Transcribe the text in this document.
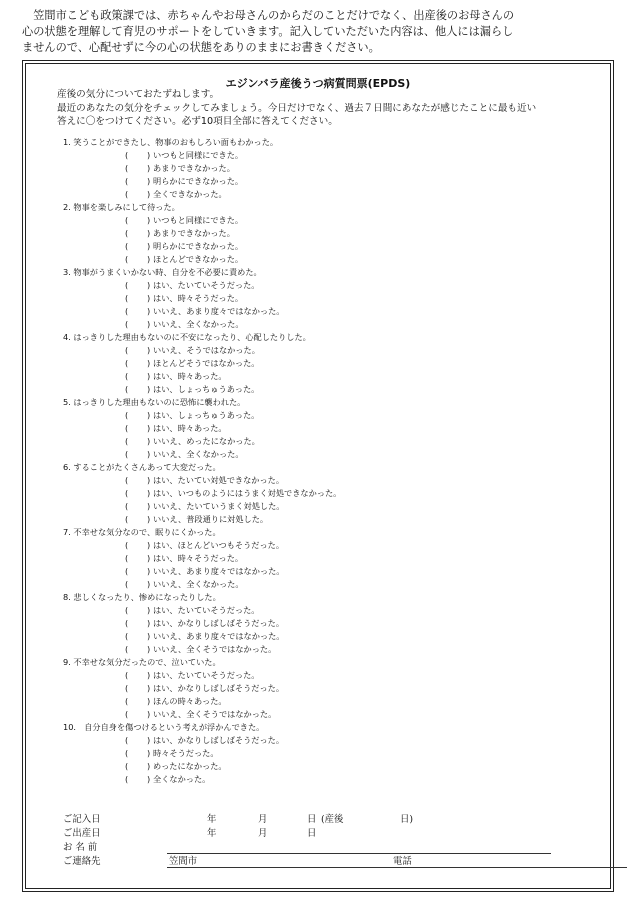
　笠間市こども政策課では、赤ちゃんやお母さんのからだのことだけでなく、出産後のお母さんの
心の状態を理解して育児のサポートをしていきます。記入していただいた内容は、他人には漏らし
ませんので、心配せずに今の心の状態をありのままにお書きください。
エジンバラ産後うつ病質問票(EPDS)
産後の気分についておたずねします。
最近のあなたの気分をチェックしてみましょう。今日だけでなく、過去７日間にあなたが感じたことに最も近い
答えに〇をつけてください。必ず10項目全部に答えてください。
1. 笑うことができたし、物事のおもしろい面もわかった。
(	) いつもと同様にできた。
(	) あまりできなかった。
(	) 明らかにできなかった。
(	) 全くできなかった。
2. 物事を楽しみにして待った。
(	) いつもと同様にできた。
(	) あまりできなかった。
(	) 明らかにできなかった。
(	) ほとんどできなかった。
3. 物事がうまくいかない時、自分を不必要に責めた。
(	) はい、たいていそうだった。
(	) はい、時々そうだった。
(	) いいえ、あまり度々ではなかった。
(	) いいえ、全くなかった。
4. はっきりした理由もないのに不安になったり、心配したりした。
(	) いいえ、そうではなかった。
(	) ほとんどそうではなかった。
(	) はい、時々あった。
(	) はい、しょっちゅうあった。
5. はっきりした理由もないのに恐怖に襲われた。
(	) はい、しょっちゅうあった。
(	) はい、時々あった。
(	) いいえ、めったになかった。
(	) いいえ、全くなかった。
6. することがたくさんあって大変だった。
(	) はい、たいてい対処できなかった。
(	) はい、いつものようにはうまく対処できなかった。
(	) いいえ、たいていうまく対処した。
(	) いいえ、普段通りに対処した。
7. 不幸せな気分なので、眠りにくかった。
(	) はい、ほとんどいつもそうだった。
(	) はい、時々そうだった。
(	) いいえ、あまり度々ではなかった。
(	) いいえ、全くなかった。
8. 悲しくなったり、惨めになったりした。
(	) はい、たいていそうだった。
(	) はい、かなりしばしばそうだった。
(	) いいえ、あまり度々ではなかった。
(	) いいえ、全くそうではなかった。
9. 不幸せな気分だったので、泣いていた。
(	) はい、たいていそうだった。
(	) はい、かなりしばしばそうだった。
(	) ほんの時々あった。
(	) いいえ、全くそうではなかった。
10.　自分自身を傷つけるという考えが浮かんできた。
(	) はい、かなりしばしばそうだった。
(	) 時々そうだった。
(	) めったになかった。
(	) 全くなかった。
ご記入日	年	月	日 (産後	日)
ご出産日	年	月	日
お 名 前
ご連絡先	笠間市	電話
